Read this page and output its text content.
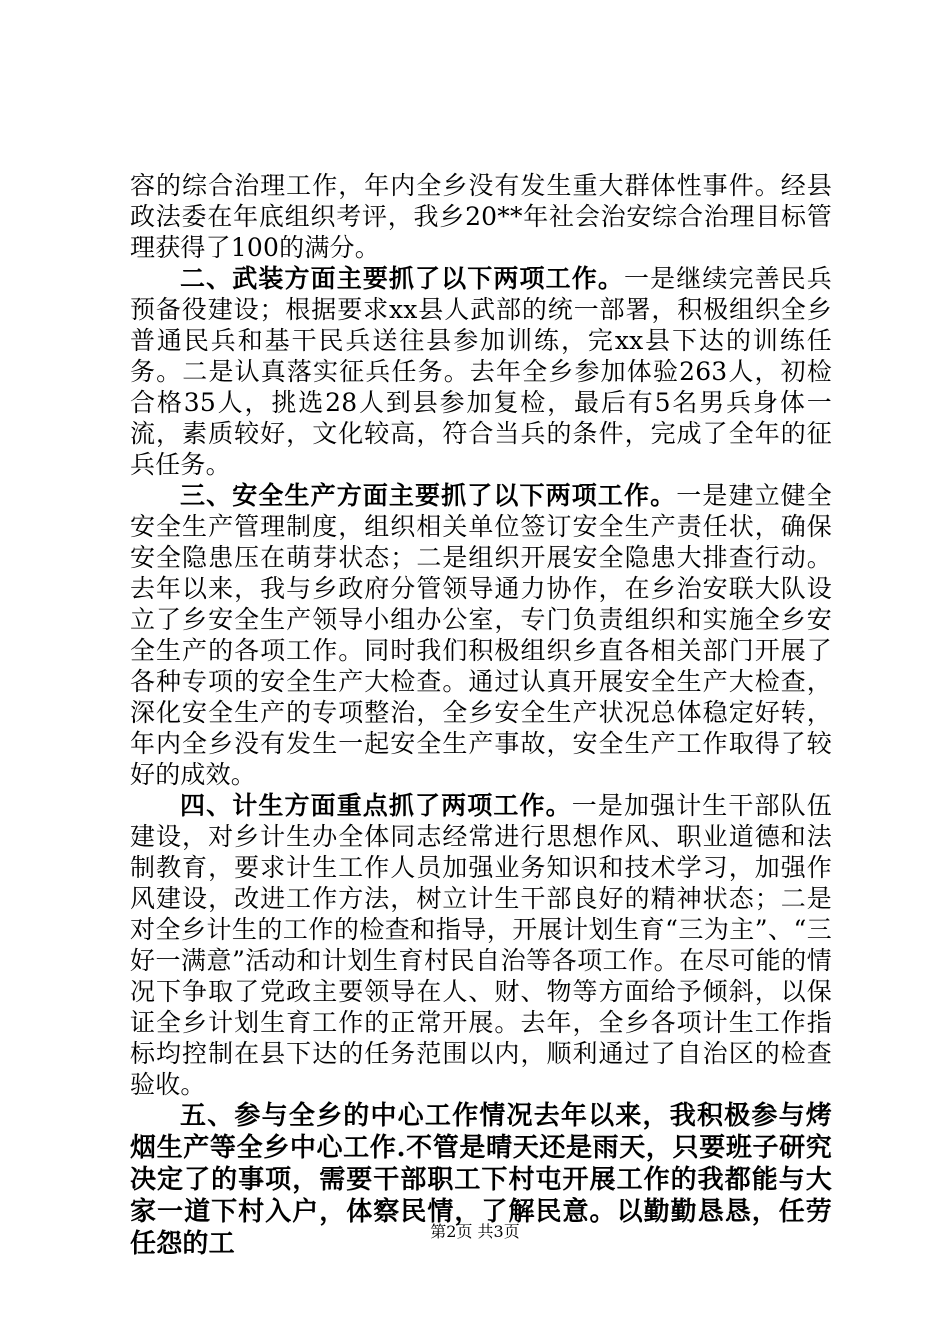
容的综合治理工作，年内全乡没有发生重大群体性事件。经县政法委在年底组织考评，我乡20**年社会治安综合治理目标管理获得了100的满分。

二、武装方面主要抓了以下两项工作。一是继续完善民兵预备役建设；根据要求xx县人武部的统一部署，积极组织全乡普通民兵和基干民兵送往县参加训练，完xx县下达的训练任务。二是认真落实征兵任务。去年全乡参加体验263人，初检合格35人，挑选28人到县参加复检，最后有5名男兵身体一流，素质较好，文化较高，符合当兵的条件，完成了全年的征兵任务。

三、安全生产方面主要抓了以下两项工作。一是建立健全安全生产管理制度，组织相关单位签订安全生产责任状，确保安全隐患压在萌芽状态；二是组织开展安全隐患大排查行动。去年以来，我与乡政府分管领导通力协作，在乡治安联大队设立了乡安全生产领导小组办公室，专门负责组织和实施全乡安全生产的各项工作。同时我们积极组织乡直各相关部门开展了各种专项的安全生产大检查。通过认真开展安全生产大检查，深化安全生产的专项整治，全乡安全生产状况总体稳定好转，年内全乡没有发生一起安全生产事故，安全生产工作取得了较好的成效。

四、计生方面重点抓了两项工作。一是加强计生干部队伍建设，对乡计生办全体同志经常进行思想作风、职业道德和法制教育，要求计生工作人员加强业务知识和技术学习，加强作风建设，改进工作方法，树立计生干部良好的精神状态；二是对全乡计生的工作的检查和指导，开展计划生育“三为主”、“三好一满意”活动和计划生育村民自治等各项工作。在尽可能的情况下争取了党政主要领导在人、财、物等方面给予倾斜，以保证全乡计划生育工作的正常开展。去年，全乡各项计生工作指标均控制在县下达的任务范围以内，顺利通过了自治区的检查验收。

五、参与全乡的中心工作情况去年以来，我积极参与烤烟生产等全乡中心工作.不管是晴天还是雨天，只要班子研究决定了的事项，需要干部职工下村屯开展工作的我都能与大家一道下村入户，体察民情，了解民意。以勤勤恳恳，任劳任怨的工	第2页 共3页
